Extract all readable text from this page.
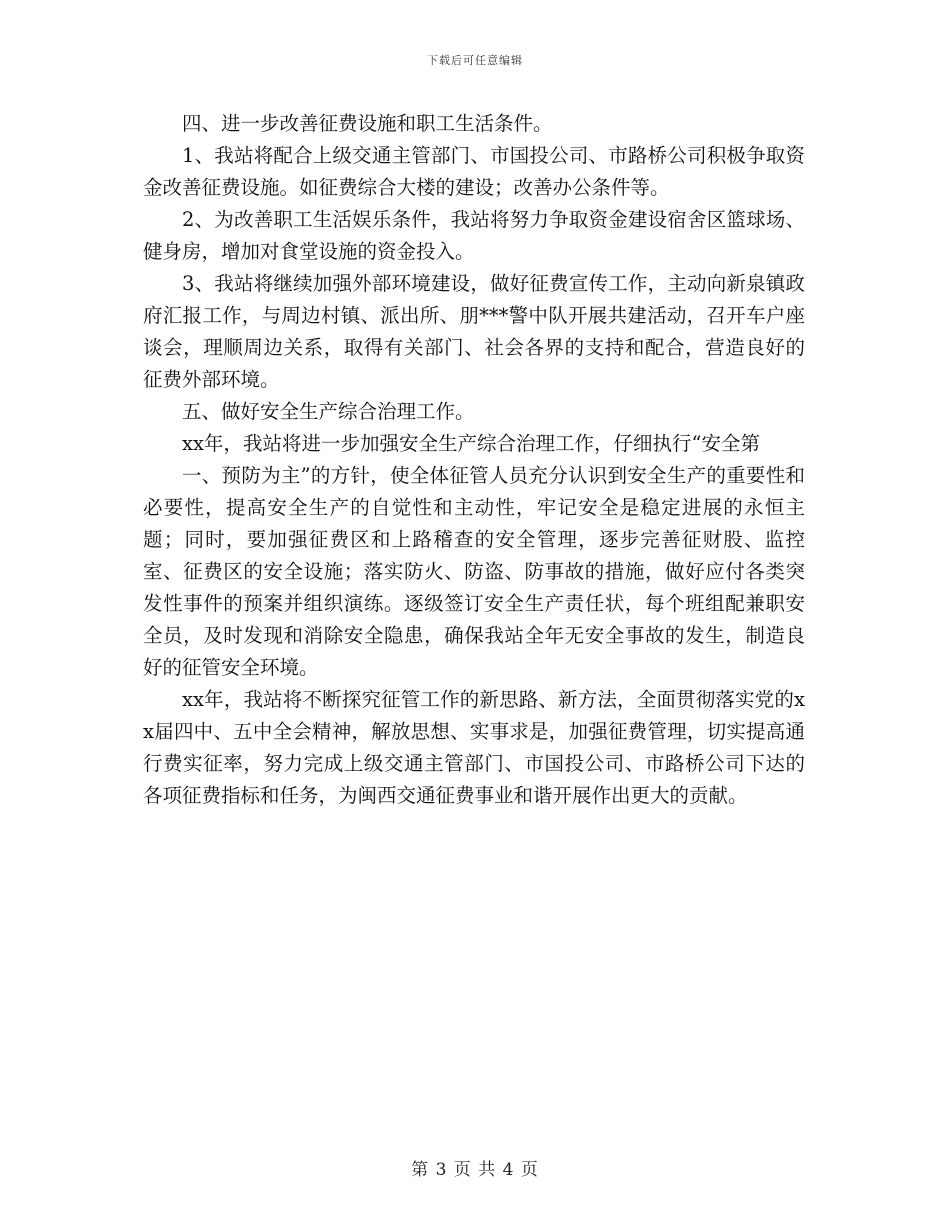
下载后可任意编辑

四、进一步改善征费设施和职工生活条件。

1、我站将配合上级交通主管部门、市国投公司、市路桥公司积极争取资金改善征费设施。如征费综合大楼的建设；改善办公条件等。

2、为改善职工生活娱乐条件，我站将努力争取资金建设宿舍区篮球场、健身房，增加对食堂设施的资金投入。

3、我站将继续加强外部环境建设，做好征费宣传工作，主动向新泉镇政府汇报工作，与周边村镇、派出所、朋***警中队开展共建活动，召开车户座谈会，理顺周边关系，取得有关部门、社会各界的支持和配合，营造良好的征费外部环境。

五、做好安全生产综合治理工作。

xx年，我站将进一步加强安全生产综合治理工作，仔细执行“安全第

一、预防为主”的方针，使全体征管人员充分认识到安全生产的重要性和必要性，提高安全生产的自觉性和主动性，牢记安全是稳定进展的永恒主题；同时，要加强征费区和上路稽查的安全管理，逐步完善征财股、监控室、征费区的安全设施；落实防火、防盗、防事故的措施，做好应付各类突发性事件的预案并组织演练。逐级签订安全生产责任状，每个班组配兼职安全员，及时发现和消除安全隐患，确保我站全年无安全事故的发生，制造良好的征管安全环境。

xx年，我站将不断探究征管工作的新思路、新方法，全面贯彻落实党的xx届四中、五中全会精神，解放思想、实事求是，加强征费管理，切实提高通行费实征率，努力完成上级交通主管部门、市国投公司、市路桥公司下达的各项征费指标和任务，为闽西交通征费事业和谐开展作出更大的贡献。

第 3 页 共 4 页
